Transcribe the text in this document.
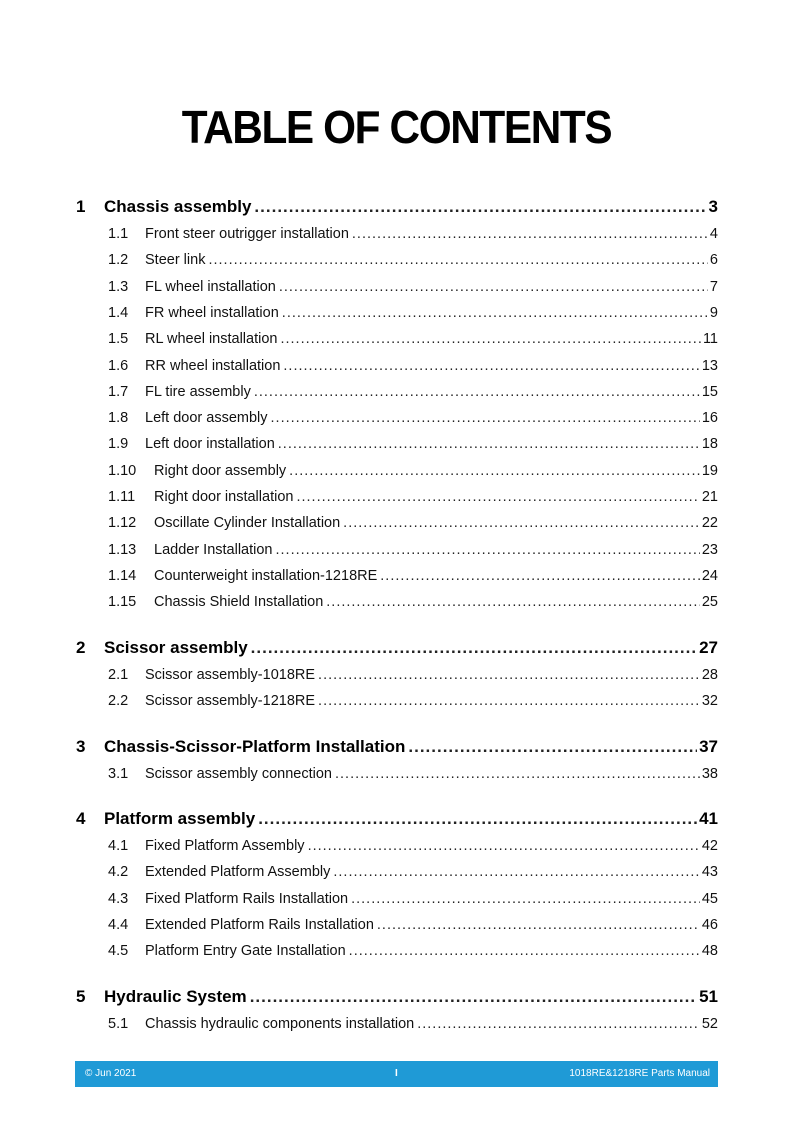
TABLE OF CONTENTS
1	Chassis assembly .....	3
1.1	Front steer outrigger installation .....	4
1.2	Steer link .....	6
1.3	FL wheel installation .....	7
1.4	FR wheel installation .....	9
1.5	RL wheel installation .....	11
1.6	RR wheel installation .....	13
1.7	FL tire assembly .....	15
1.8	Left door assembly .....	16
1.9	Left door installation .....	18
1.10	Right door assembly .....	19
1.11	Right door installation .....	21
1.12	Oscillate Cylinder Installation .....	22
1.13	Ladder Installation .....	23
1.14	Counterweight installation-1218RE .....	24
1.15	Chassis Shield Installation .....	25
2	Scissor assembly .....	27
2.1	Scissor assembly-1018RE .....	28
2.2	Scissor assembly-1218RE .....	32
3	Chassis-Scissor-Platform Installation .....	37
3.1	Scissor assembly connection .....	38
4	Platform assembly .....	41
4.1	Fixed Platform Assembly .....	42
4.2	Extended Platform Assembly .....	43
4.3	Fixed Platform Rails Installation .....	45
4.4	Extended Platform Rails Installation .....	46
4.5	Platform Entry Gate Installation .....	48
5	Hydraulic System .....	51
5.1	Chassis hydraulic components installation .....	52
© Jun 2021	I	1018RE&1218RE Parts Manual
